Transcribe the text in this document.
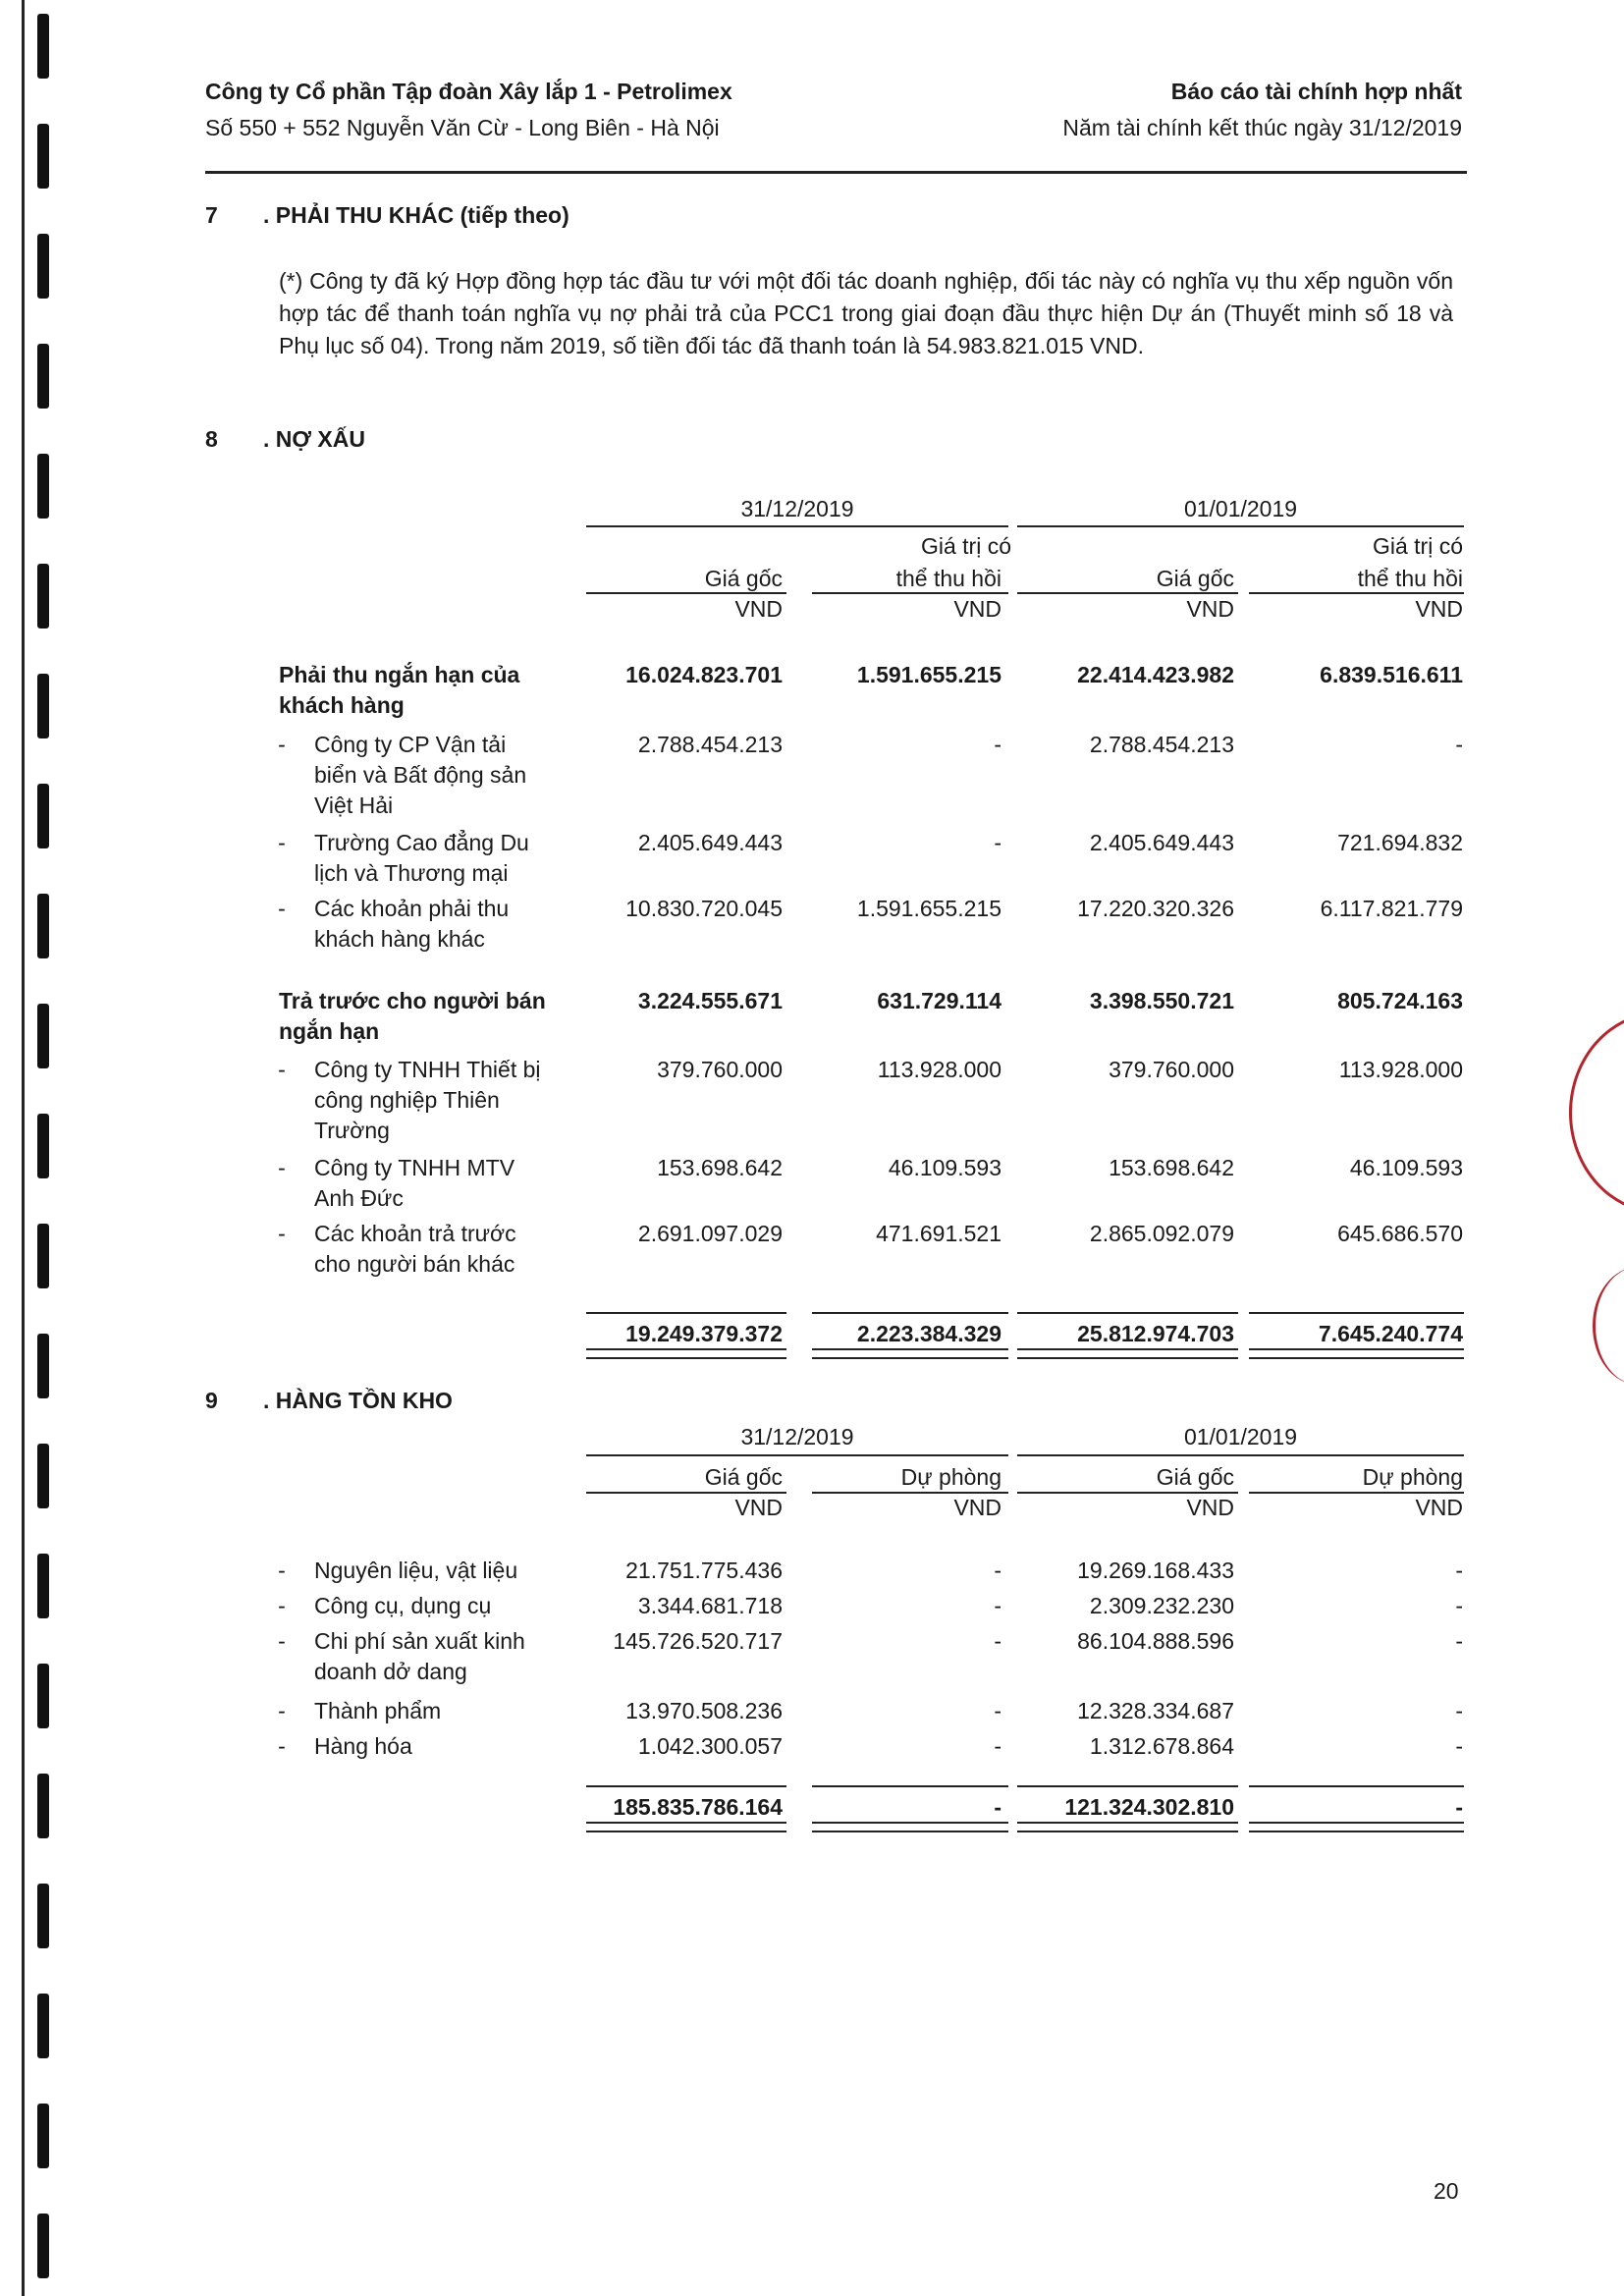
Công ty Cổ phần Tập đoàn Xây lắp 1 - Petrolimex
Số 550 + 552 Nguyễn Văn Cừ - Long Biên - Hà Nội
Báo cáo tài chính hợp nhất
Năm tài chính kết thúc ngày 31/12/2019
7 . PHẢI THU KHÁC (tiếp theo)
(*) Công ty đã ký Hợp đồng hợp tác đầu tư với một đối tác doanh nghiệp, đối tác này có nghĩa vụ thu xếp nguồn vốn hợp tác để thanh toán nghĩa vụ nợ phải trả của PCC1 trong giai đoạn đầu thực hiện Dự án (Thuyết minh số 18 và Phụ lục số 04). Trong năm 2019, số tiền đối tác đã thanh toán là 54.983.821.015 VND.
8 . NỢ XẤU
31/12/2019	01/01/2019
Giá trị có	Giá trị có
Giá gốc	thể thu hồi	Giá gốc	thể thu hồi
VND	VND	VND	VND
Phải thu ngắn hạn của
khách hàng
16.024.823.701	1.591.655.215	22.414.423.982	6.839.516.611
-	Công ty CP Vận tải
biển và Bất động sản
Việt Hải
2.788.454.213	-	2.788.454.213	-
-	Trường Cao đẳng Du
lịch và Thương mại
2.405.649.443	-	2.405.649.443	721.694.832
-	Các khoản phải thu
khách hàng khác
10.830.720.045	1.591.655.215	17.220.320.326	6.117.821.779
Trả trước cho người bán
ngắn hạn
3.224.555.671	631.729.114	3.398.550.721	805.724.163
-	Công ty TNHH Thiết bị
công nghiệp Thiên
Trường
379.760.000	113.928.000	379.760.000	113.928.000
-	Công ty TNHH MTV
Anh Đức
153.698.642	46.109.593	153.698.642	46.109.593
-	Các khoản trả trước
cho người bán khác
2.691.097.029	471.691.521	2.865.092.079	645.686.570
19.249.379.372	2.223.384.329	25.812.974.703	7.645.240.774
9 . HÀNG TỒN KHO
31/12/2019	01/01/2019
Giá gốc	Dự phòng	Giá gốc	Dự phòng
VND	VND	VND	VND
-	Nguyên liệu, vật liệu	21.751.775.436	-	19.269.168.433	-
-	Công cụ, dụng cụ	3.344.681.718	-	2.309.232.230	-
-	Chi phí sản xuất kinh
doanh dở dang
145.726.520.717	-	86.104.888.596	-
-	Thành phẩm	13.970.508.236	-	12.328.334.687	-
-	Hàng hóa	1.042.300.057	-	1.312.678.864	-
185.835.786.164	-	121.324.302.810	-
20
